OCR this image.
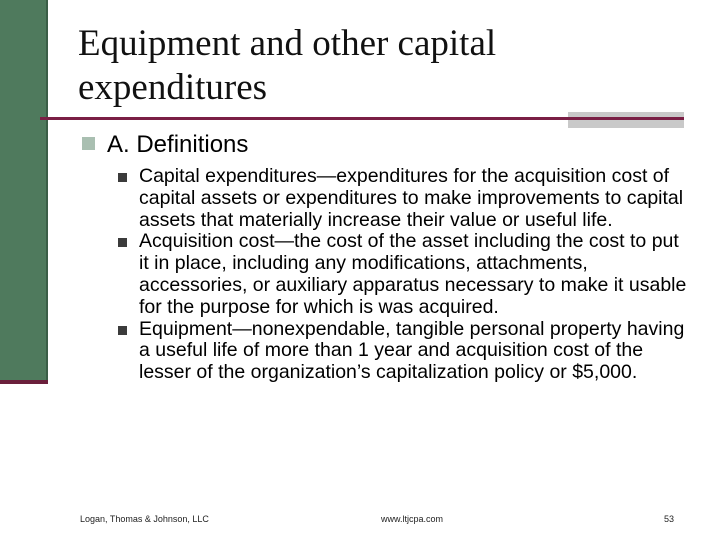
Equipment and other capital expenditures
A. Definitions
Capital expenditures—expenditures for the acquisition cost of capital assets or expenditures to make improvements to capital assets that materially increase their value or useful life.
Acquisition cost—the cost of the asset including the cost to put it in place, including any modifications, attachments, accessories, or auxiliary apparatus necessary to make it usable for the purpose for which is was acquired.
Equipment—nonexpendable, tangible personal property having a useful life of more than 1 year and acquisition cost of the lesser of the organization’s capitalization policy or $5,000.
Logan, Thomas & Johnson, LLC	www.ltjcpa.com	53
